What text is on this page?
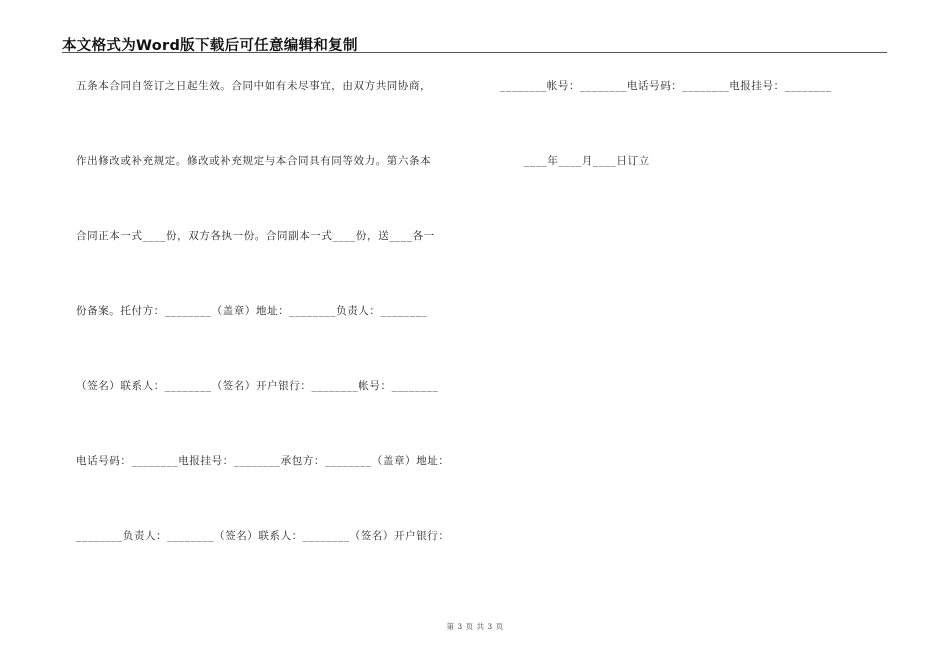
本文格式为Word版下载后可任意编辑和复制
五条本合同自签订之日起生效。合同中如有未尽事宜，由双方共同协商，
作出修改或补充规定。修改或补充规定与本合同具有同等效力。第六条本
合同正本一式____份，双方各执一份。合同副本一式____份，送____各一
份备案。托付方：________（盖章）地址：________负责人：________
（签名）联系人：________（签名）开户银行：________帐号：________
电话号码：________电报挂号：________承包方：________（盖章）地址：
________负责人：________（签名）联系人：________（签名）开户银行：
________帐号：________电话号码：________电报挂号：________
____年____月____日订立
第 3 页 共 3 页
